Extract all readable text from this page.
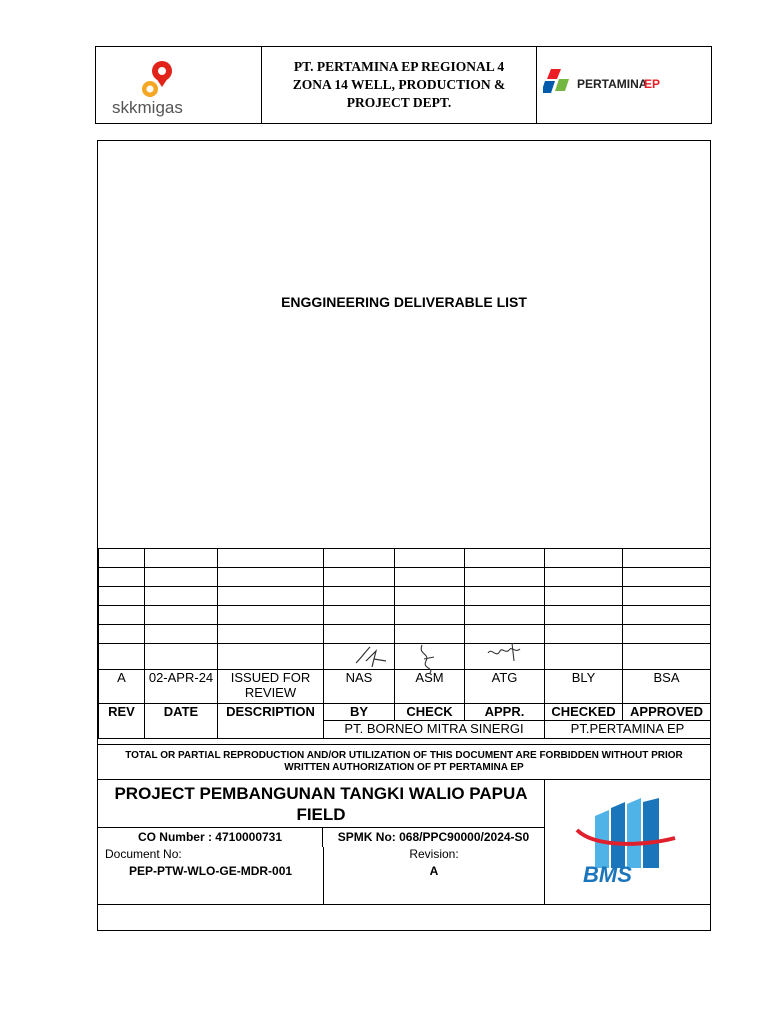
skkmigas
PT. PERTAMINA EP REGIONAL 4
ZONA 14 WELL, PRODUCTION &
PROJECT DEPT.
PERTAMINA
EP
ENGGINEERING DELIVERABLE LIST

A	02-APR-24	ISSUED FOR REVIEW	NAS	ASM	ATG	BLY	BSA
REV	DATE	DESCRIPTION	BY	CHECK	APPR.	CHECKED	APPROVED
			PT. BORNEO MITRA SINERGI			PT.PERTAMINA EP	
TOTAL OR PARTIAL REPRODUCTION AND/OR UTILIZATION OF THIS DOCUMENT ARE FORBIDDEN WITHOUT PRIOR WRITTEN AUTHORIZATION OF PT PERTAMINA EP
PROJECT PEMBANGUNAN TANGKI WALIO PAPUA FIELD
BMS
CO Number : 4710000731	SPMK No: 068/PPC90000/2024-S0
Document No:
PEP-PTW-WLO-GE-MDR-001
Revision:
A
